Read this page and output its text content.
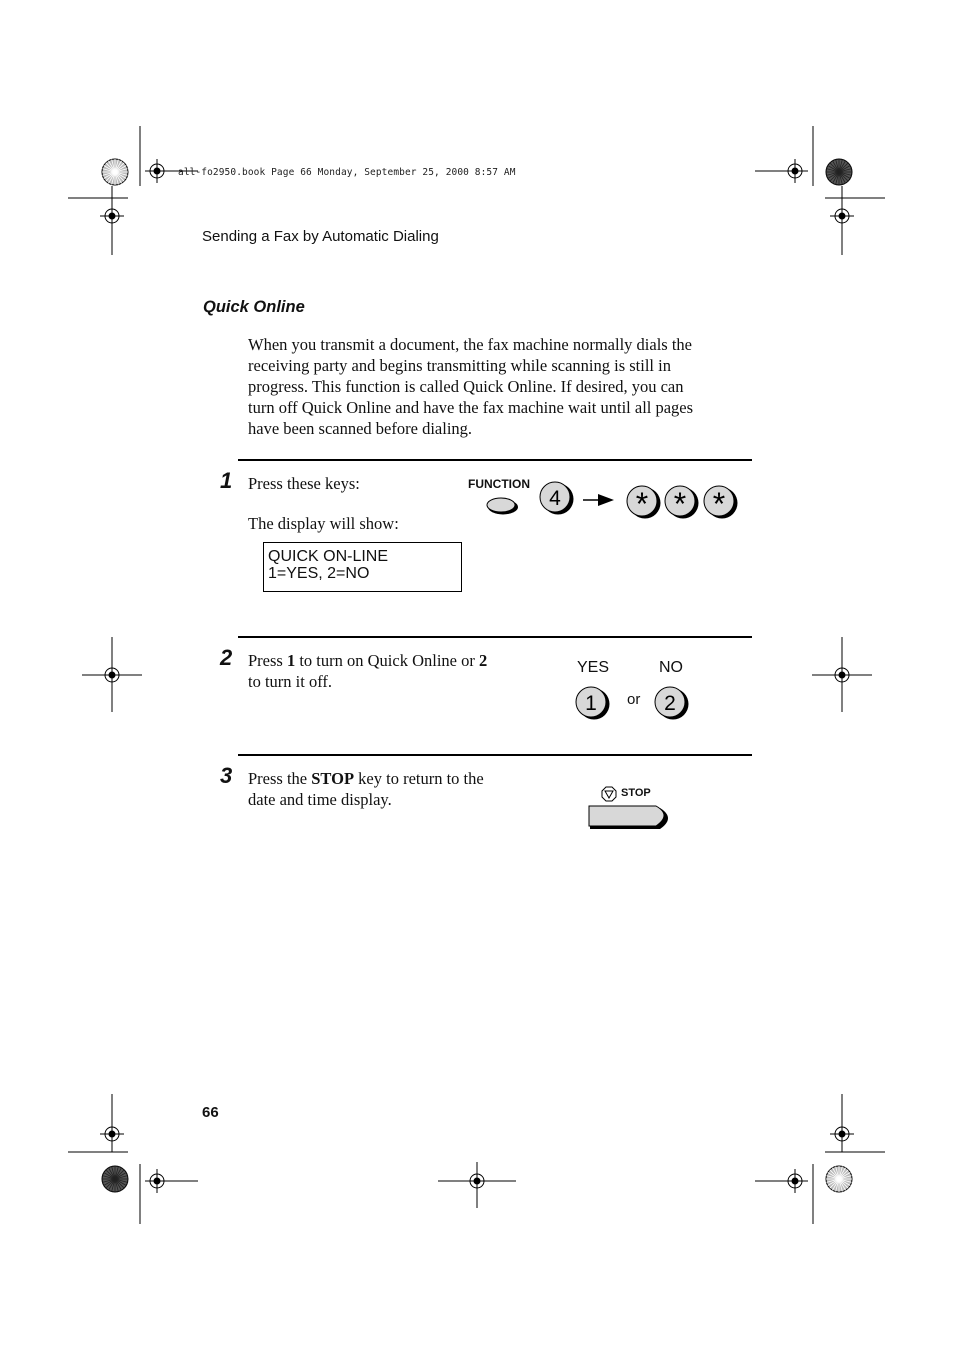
all-fo2950.book Page 66 Monday, September 25, 2000 8:57 AM
Sending a Fax by Automatic Dialing
Quick Online
When you transmit a document, the fax machine normally dials the
receiving party and begins transmitting while scanning is still in
progress. This function is called Quick Online. If desired, you can
turn off Quick Online and have the fax machine wait until all pages
have been scanned before dialing.
1 Press these keys:
The display will show:
QUICK ON-LINE
1=YES, 2=NO
FUNCTION
4 * * *
2 Press 1 to turn on Quick Online or 2
to turn it off.
YES	NO
or
1	2
3 Press the STOP key to return to the
date and time display.	STOP
66
